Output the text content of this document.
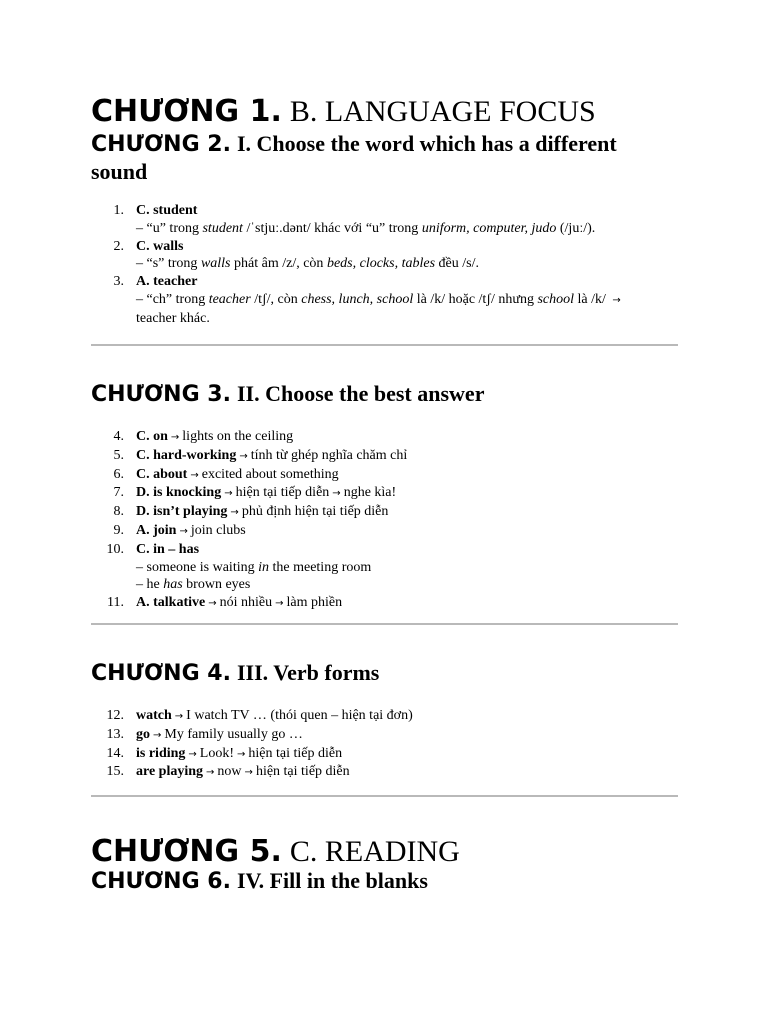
CHƯƠNG 1. B. LANGUAGE FOCUS
CHƯƠNG 2. I. Choose the word which has a different sound
1. C. student
– “u” trong student /ˈstjuː.dənt/ khác với “u” trong uniform, computer, judo (/juː/).
2. C. walls
– “s” trong walls phát âm /z/, còn beds, clocks, tables đều /s/.
3. A. teacher
– “ch” trong teacher /tʃ/, còn chess, lunch, school là /k/ hoặc /tʃ/ nhưng school là /k/ →
teacher khác.
CHƯƠNG 3. II. Choose the best answer
4. C. on → lights on the ceiling
5. C. hard-working → tính từ ghép nghĩa chăm chỉ
6. C. about → excited about something
7. D. is knocking → hiện tại tiếp diễn → nghe kìa!
8. D. isn’t playing → phủ định hiện tại tiếp diễn
9. A. join → join clubs
10. C. in – has
– someone is waiting in the meeting room
– he has brown eyes
11. A. talkative → nói nhiều → làm phiền
CHƯƠNG 4. III. Verb forms
12. watch → I watch TV … (thói quen – hiện tại đơn)
13. go → My family usually go …
14. is riding → Look! → hiện tại tiếp diễn
15. are playing → now → hiện tại tiếp diễn
CHƯƠNG 5. C. READING
CHƯƠNG 6. IV. Fill in the blanks
